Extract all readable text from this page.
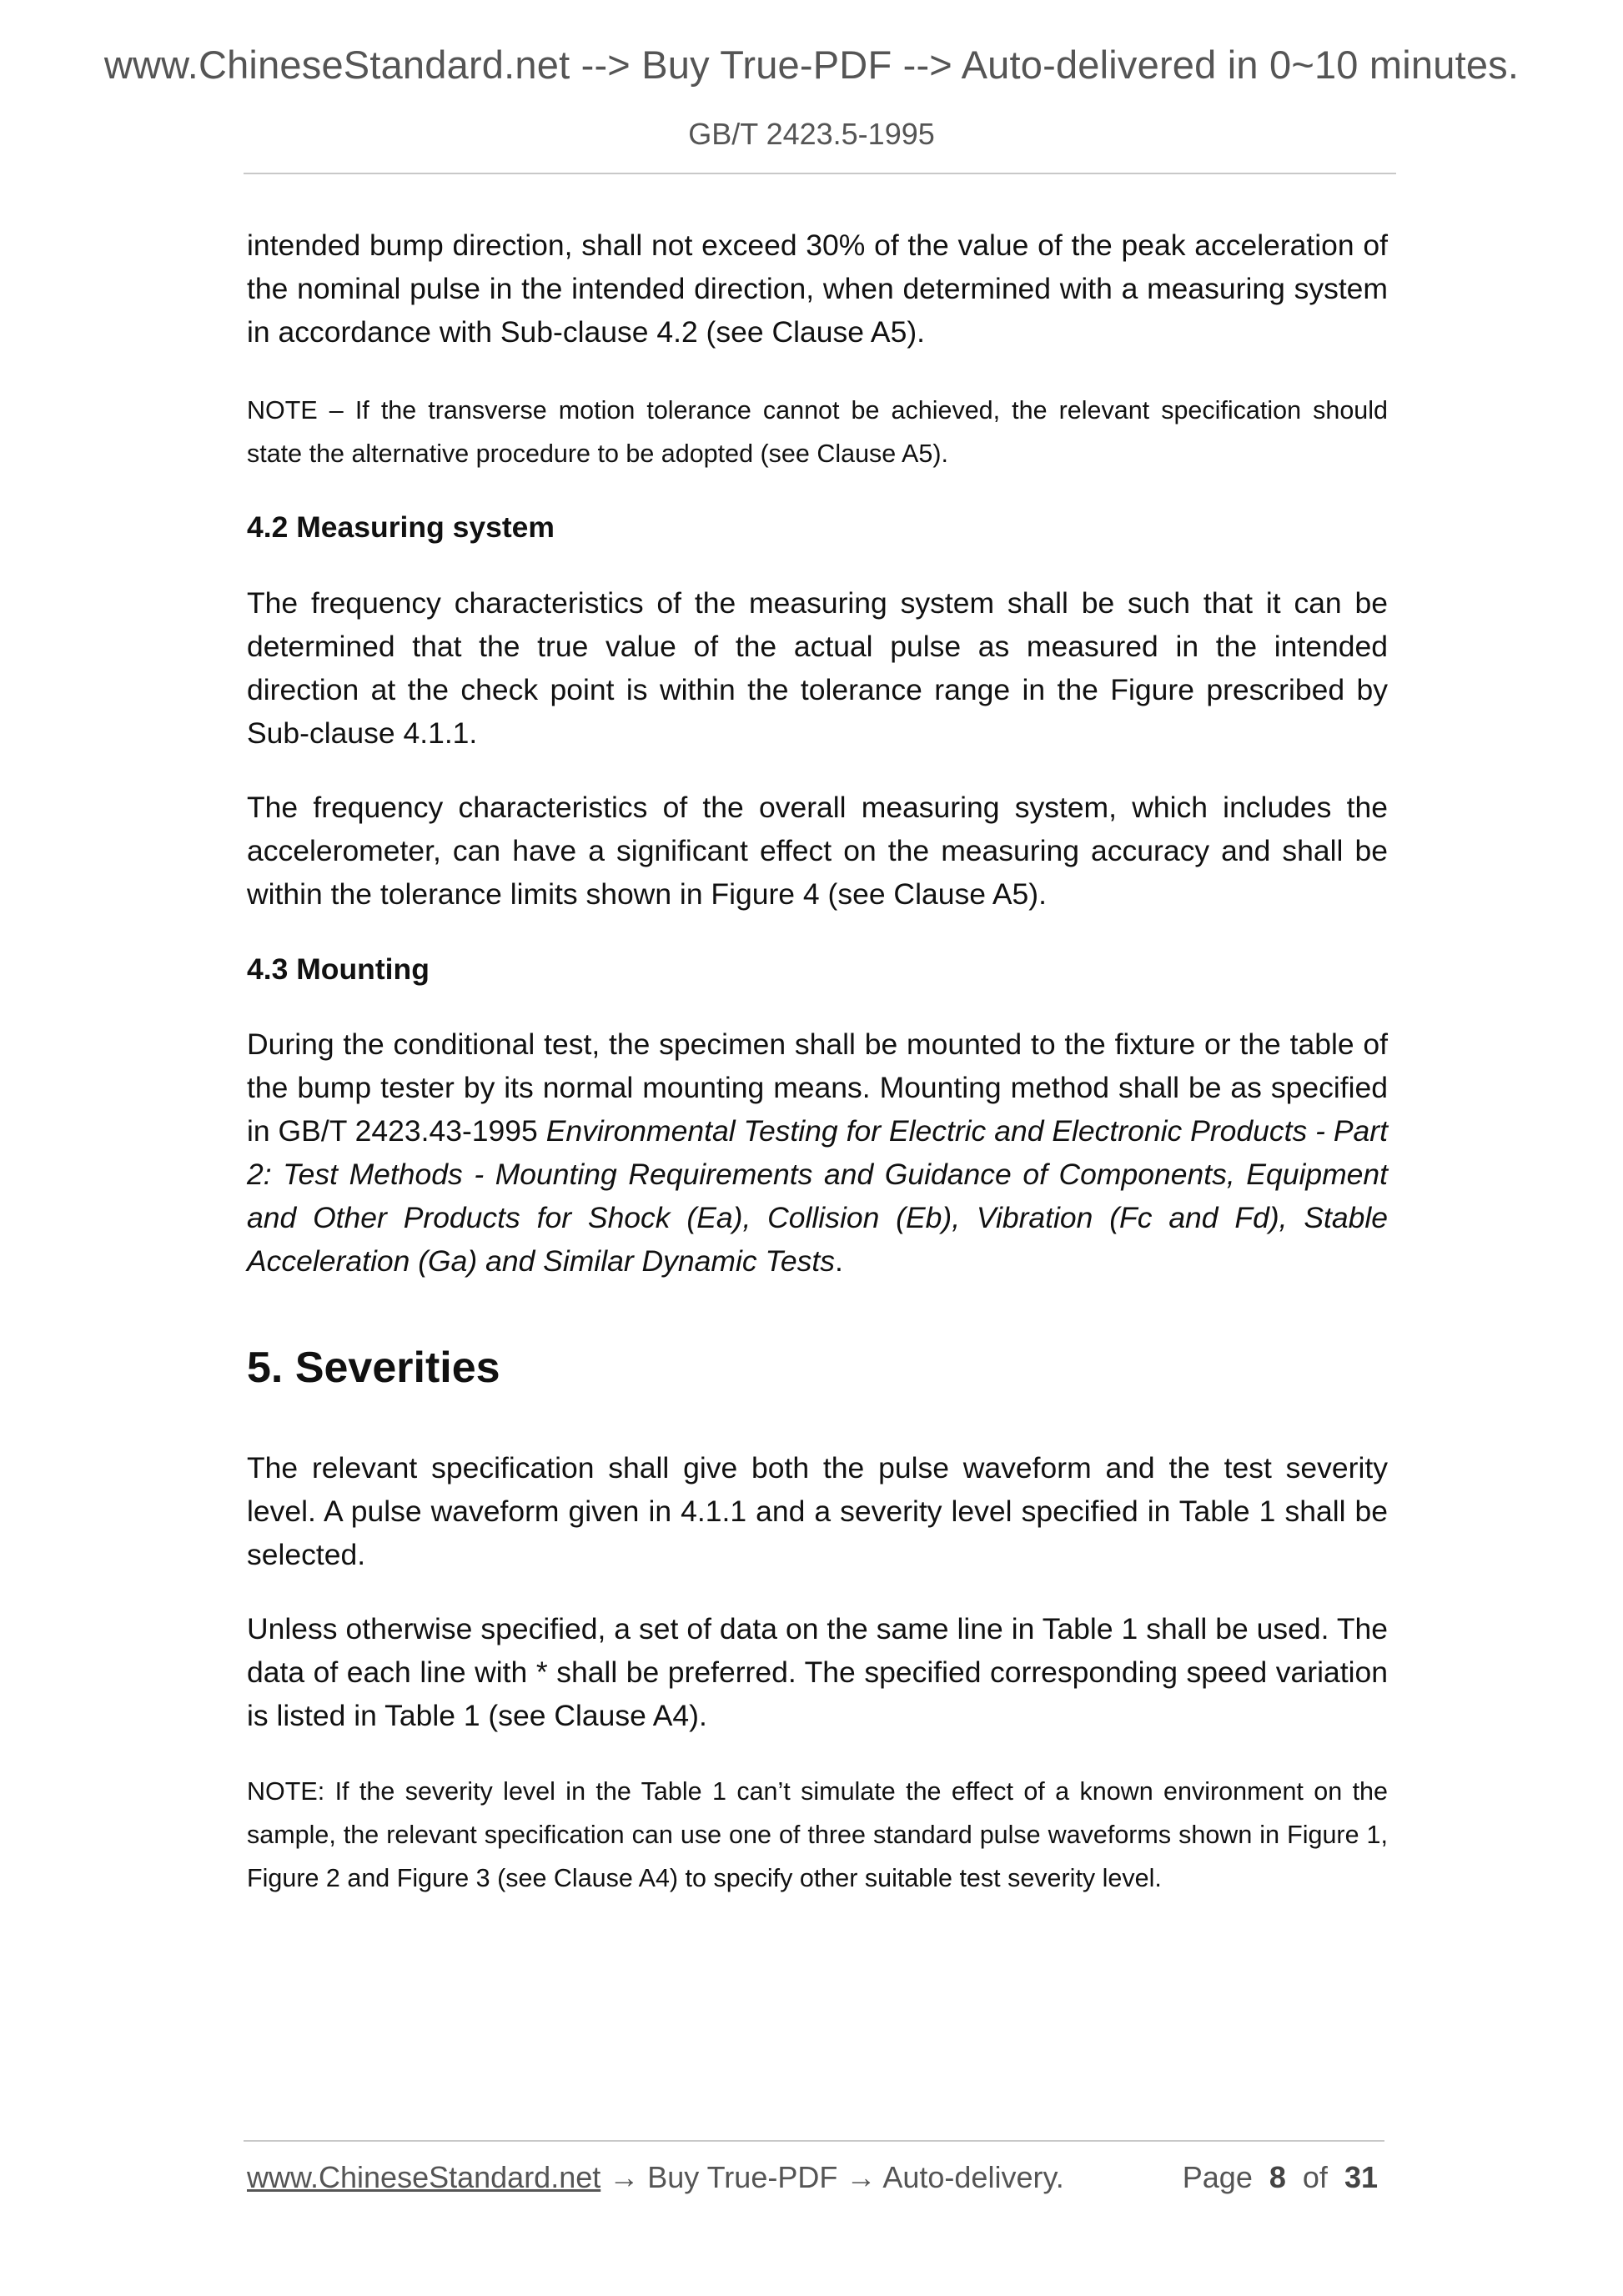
www.ChineseStandard.net --> Buy True-PDF --> Auto-delivered in 0~10 minutes.
GB/T 2423.5-1995

intended bump direction, shall not exceed 30% of the value of the peak acceleration of the nominal pulse in the intended direction, when determined with a measuring system in accordance with Sub-clause 4.2 (see Clause A5).

NOTE – If the transverse motion tolerance cannot be achieved, the relevant specification should state the alternative procedure to be adopted (see Clause A5).

4.2 Measuring system

The frequency characteristics of the measuring system shall be such that it can be determined that the true value of the actual pulse as measured in the intended direction at the check point is within the tolerance range in the Figure prescribed by Sub-clause 4.1.1.

The frequency characteristics of the overall measuring system, which includes the accelerometer, can have a significant effect on the measuring accuracy and shall be within the tolerance limits shown in Figure 4 (see Clause A5).

4.3 Mounting

During the conditional test, the specimen shall be mounted to the fixture or the table of the bump tester by its normal mounting means. Mounting method shall be as specified in GB/T 2423.43-1995 Environmental Testing for Electric and Electronic Products - Part 2: Test Methods - Mounting Requirements and Guidance of Components, Equipment and Other Products for Shock (Ea), Collision (Eb), Vibration (Fc and Fd), Stable Acceleration (Ga) and Similar Dynamic Tests.

5. Severities

The relevant specification shall give both the pulse waveform and the test severity level. A pulse waveform given in 4.1.1 and a severity level specified in Table 1 shall be selected.

Unless otherwise specified, a set of data on the same line in Table 1 shall be used. The data of each line with * shall be preferred. The specified corresponding speed variation is listed in Table 1 (see Clause A4).

NOTE: If the severity level in the Table 1 can’t simulate the effect of a known environment on the sample, the relevant specification can use one of three standard pulse waveforms shown in Figure 1, Figure 2 and Figure 3 (see Clause A4) to specify other suitable test severity level.

www.ChineseStandard.net → Buy True-PDF → Auto-delivery.	Page 8 of 31
